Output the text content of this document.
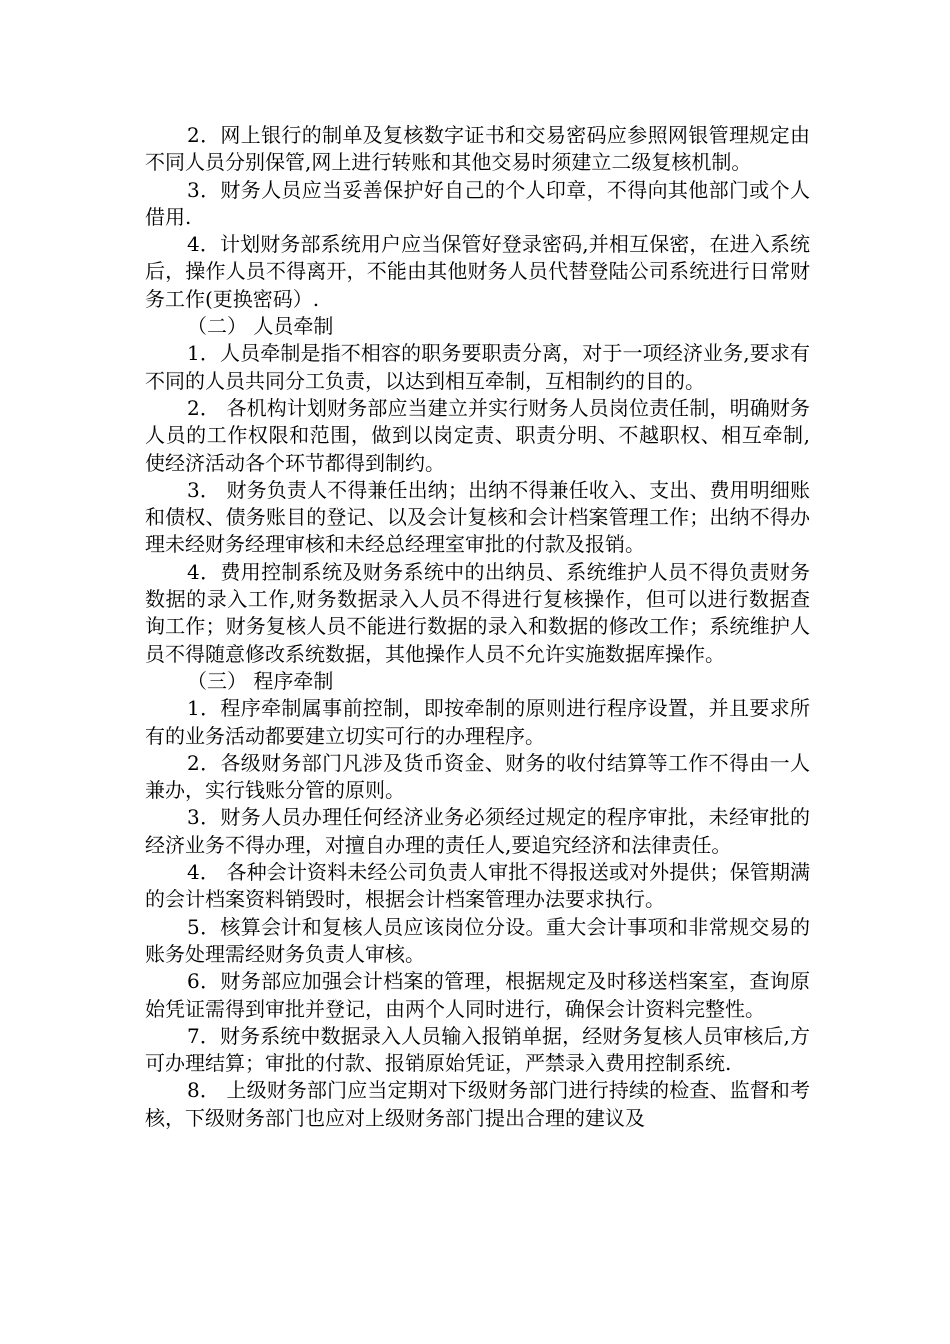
2．网上银行的制单及复核数字证书和交易密码应参照网银管理规定由不同人员分别保管,网上进行转账和其他交易时须建立二级复核机制。

3．财务人员应当妥善保护好自己的个人印章，不得向其他部门或个人借用.

4．计划财务部系统用户应当保管好登录密码,并相互保密，在进入系统后，操作人员不得离开，不能由其他财务人员代替登陆公司系统进行日常财务工作(更换密码）.

（二） 人员牵制

1．人员牵制是指不相容的职务要职责分离，对于一项经济业务,要求有不同的人员共同分工负责，以达到相互牵制，互相制约的目的。

2． 各机构计划财务部应当建立并实行财务人员岗位责任制，明确财务人员的工作权限和范围，做到以岗定责、职责分明、不越职权、相互牵制,使经济活动各个环节都得到制约。

3． 财务负责人不得兼任出纳；出纳不得兼任收入、支出、费用明细账和债权、债务账目的登记、以及会计复核和会计档案管理工作；出纳不得办理未经财务经理审核和未经总经理室审批的付款及报销。

4．费用控制系统及财务系统中的出纳员、系统维护人员不得负责财务数据的录入工作,财务数据录入人员不得进行复核操作，但可以进行数据查询工作；财务复核人员不能进行数据的录入和数据的修改工作；系统维护人员不得随意修改系统数据，其他操作人员不允许实施数据库操作。

（三） 程序牵制

1．程序牵制属事前控制，即按牵制的原则进行程序设置，并且要求所有的业务活动都要建立切实可行的办理程序。

2．各级财务部门凡涉及货币资金、财务的收付结算等工作不得由一人兼办，实行钱账分管的原则。

3．财务人员办理任何经济业务必须经过规定的程序审批，未经审批的经济业务不得办理，对擅自办理的责任人,要追究经济和法律责任。

4． 各种会计资料未经公司负责人审批不得报送或对外提供；保管期满的会计档案资料销毁时，根据会计档案管理办法要求执行。

5．核算会计和复核人员应该岗位分设。重大会计事项和非常规交易的账务处理需经财务负责人审核。

6．财务部应加强会计档案的管理，根据规定及时移送档案室，查询原始凭证需得到审批并登记，由两个人同时进行，确保会计资料完整性。

7．财务系统中数据录入人员输入报销单据，经财务复核人员审核后,方可办理结算；审批的付款、报销原始凭证，严禁录入费用控制系统.

8． 上级财务部门应当定期对下级财务部门进行持续的检查、监督和考核，下级财务部门也应对上级财务部门提出合理的建议及
